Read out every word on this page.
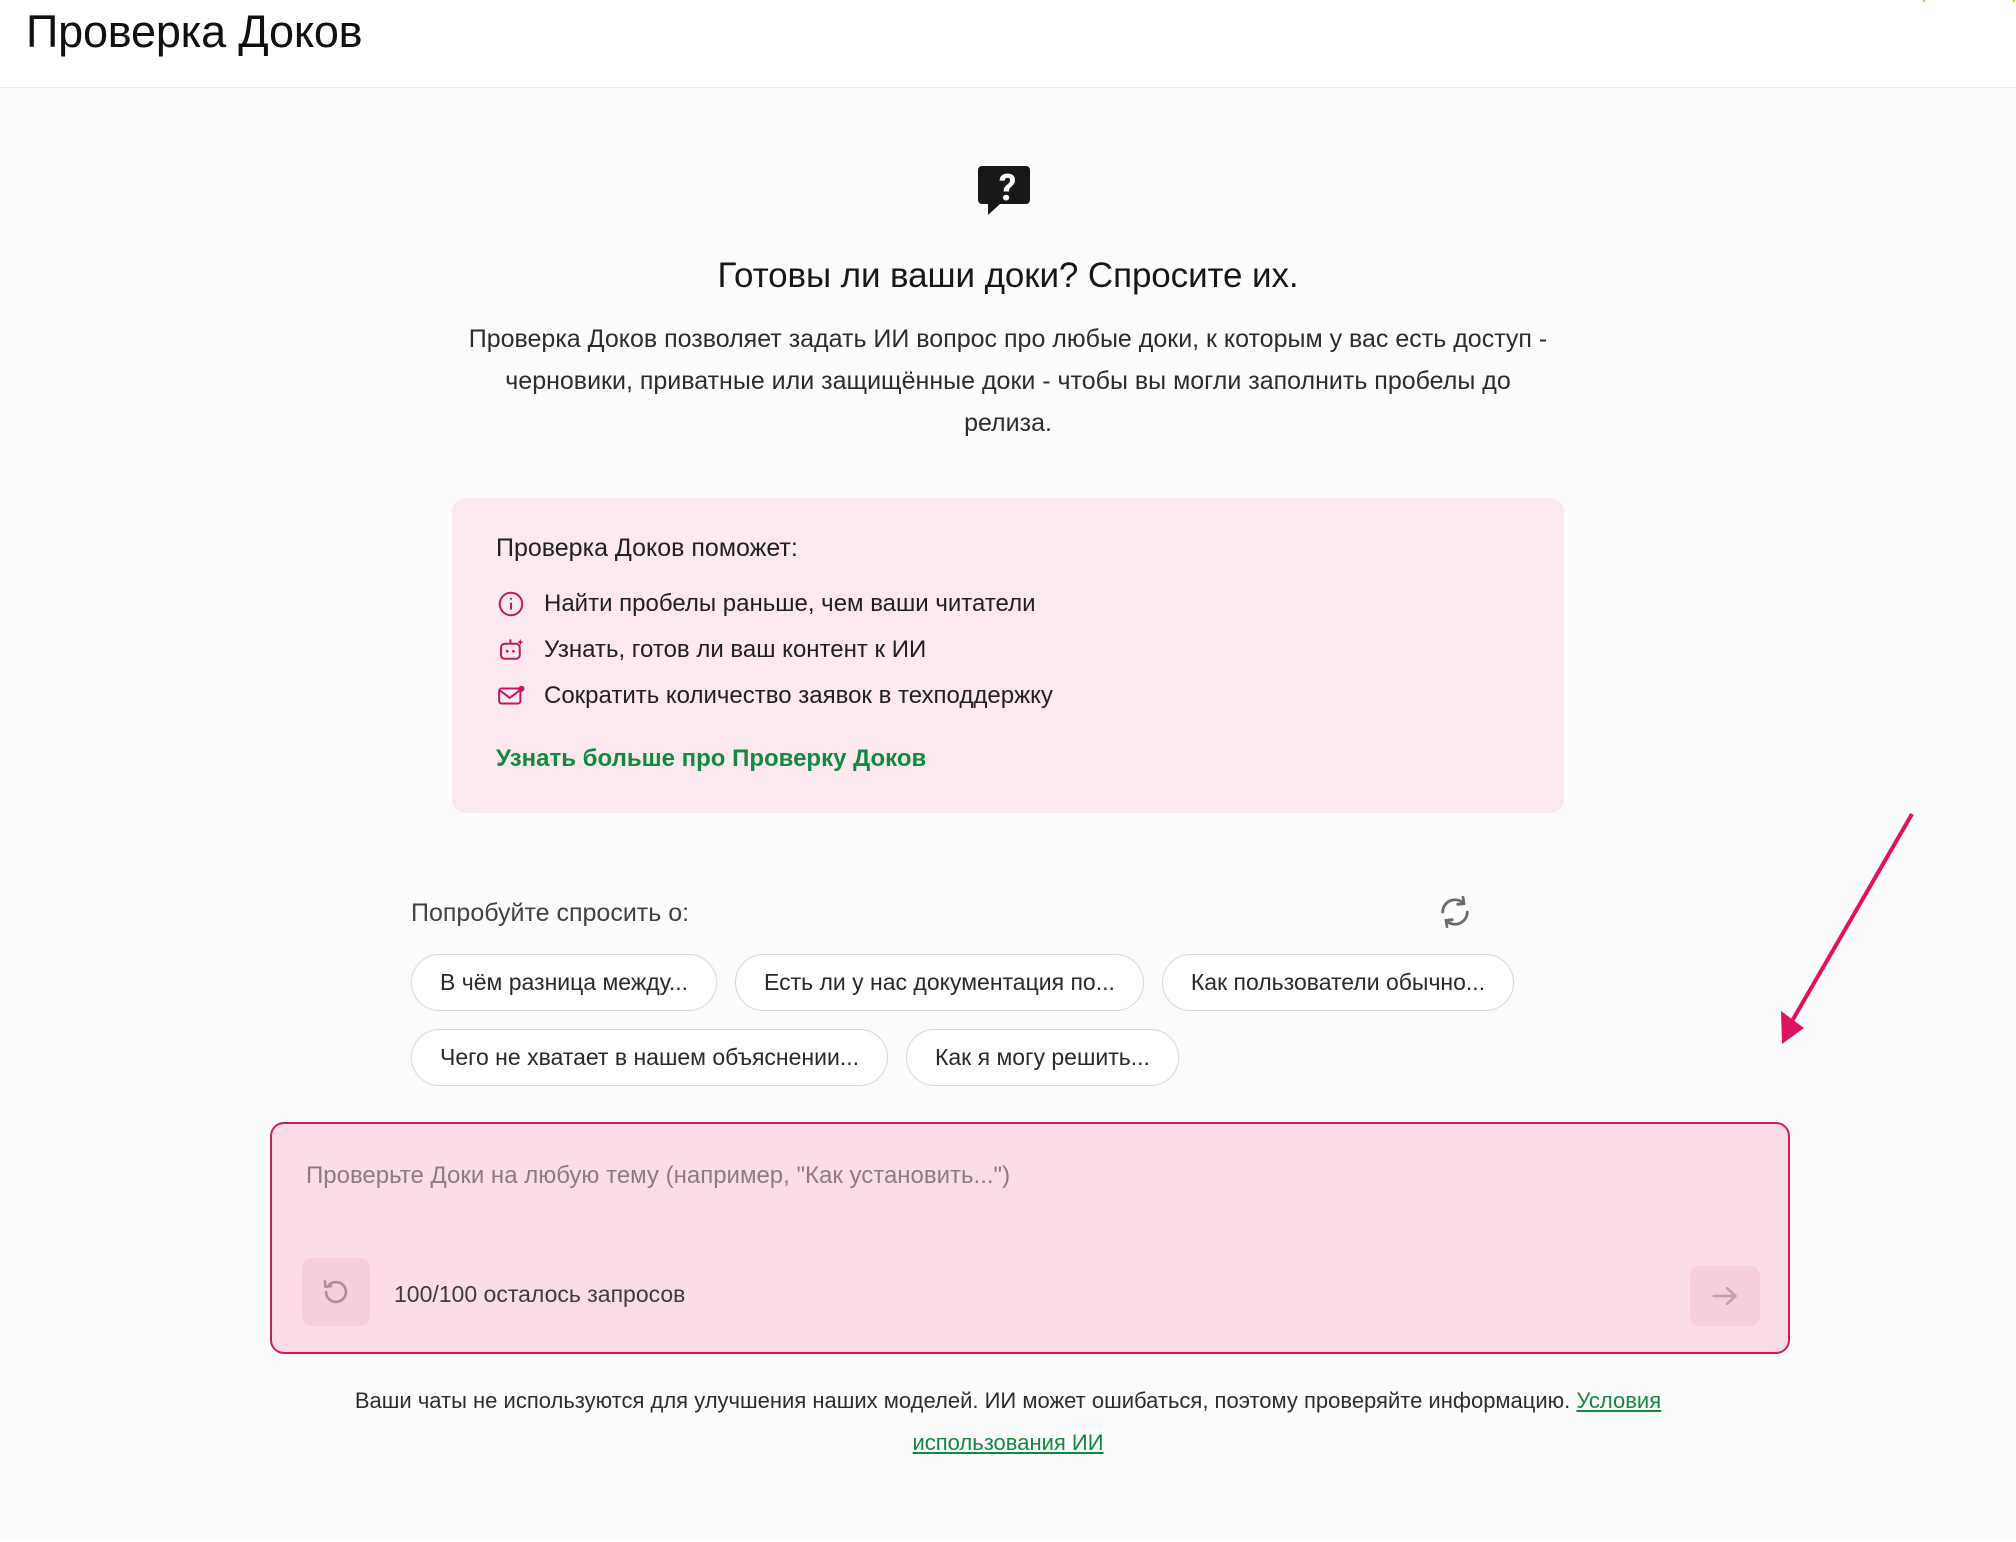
Проверка Доков
Готовы ли ваши доки? Спросите их.

Проверка Доков позволяет задать ИИ вопрос про любые доки, к которым у вас есть доступ - черновики, приватные или защищённые доки - чтобы вы могли заполнить пробелы до релиза.

Проверка Доков поможет:
Найти пробелы раньше, чем ваши читатели
Узнать, готов ли ваш контент к ИИ
Сократить количество заявок в техподдержку
Узнать больше про Проверку Доков
Попробуйте спросить о:
В чём разница между...	Есть ли у нас документация по...	Как пользователи обычно...
Чего не хватает в нашем объяснении...	Как я могу решить...
Проверьте Доки на любую тему (например, "Как установить...")
100/100 осталось запросов
Ваши чаты не используются для улучшения наших моделей. ИИ может ошибаться, поэтому проверяйте информацию. Условия использования ИИ
